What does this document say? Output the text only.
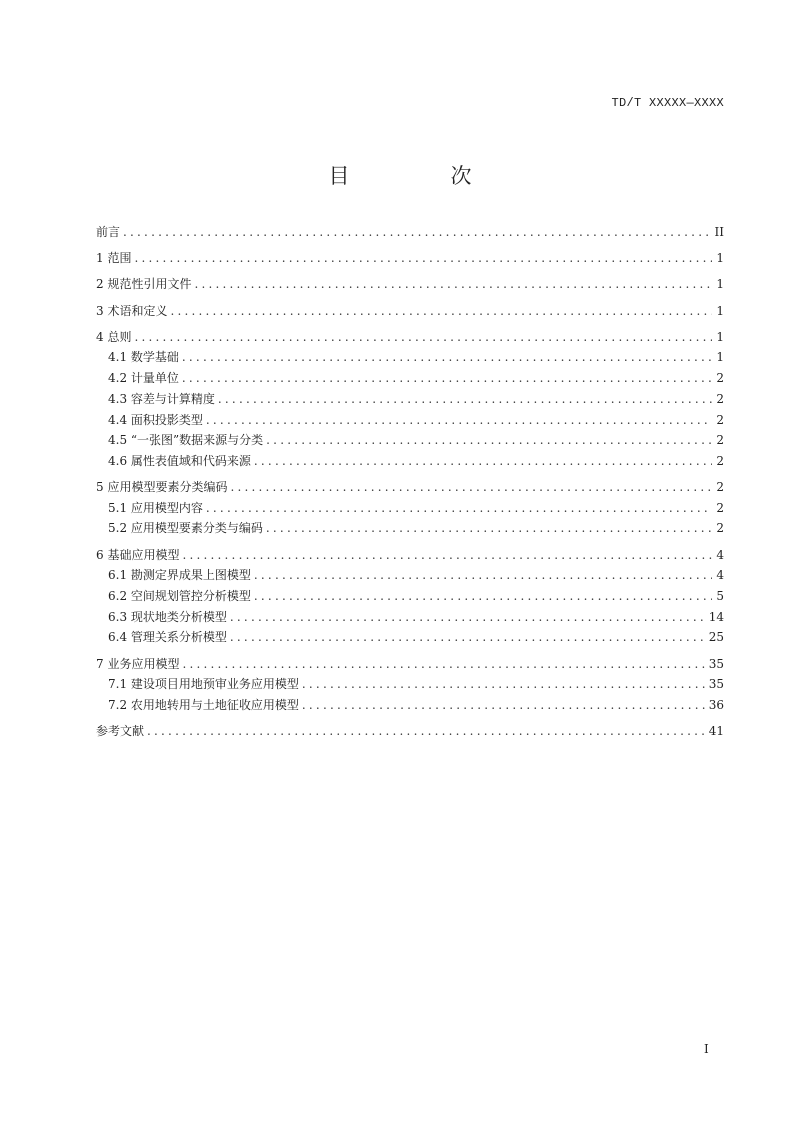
TD/T XXXXX—XXXX
目　次
前言 .....	II
1 范围 .....	1
2 规范性引用文件 .....	1
3 术语和定义 .....	1
4 总则 .....	1
4.1 数学基础 .....	1
4.2 计量单位 .....	2
4.3 容差与计算精度 .....	2
4.4 面积投影类型 .....	2
4.5 “一张图”数据来源与分类 .....	2
4.6 属性表值域和代码来源 .....	2
5 应用模型要素分类编码 .....	2
5.1 应用模型内容 .....	2
5.2 应用模型要素分类与编码 .....	2
6 基础应用模型 .....	4
6.1 勘测定界成果上图模型 .....	4
6.2 空间规划管控分析模型 .....	5
6.3 现状地类分析模型 .....	14
6.4 管理关系分析模型 .....	25
7 业务应用模型 .....	35
7.1 建设项目用地预审业务应用模型 .....	35
7.2 农用地转用与土地征收应用模型 .....	36
参考文献 .....	41
I
